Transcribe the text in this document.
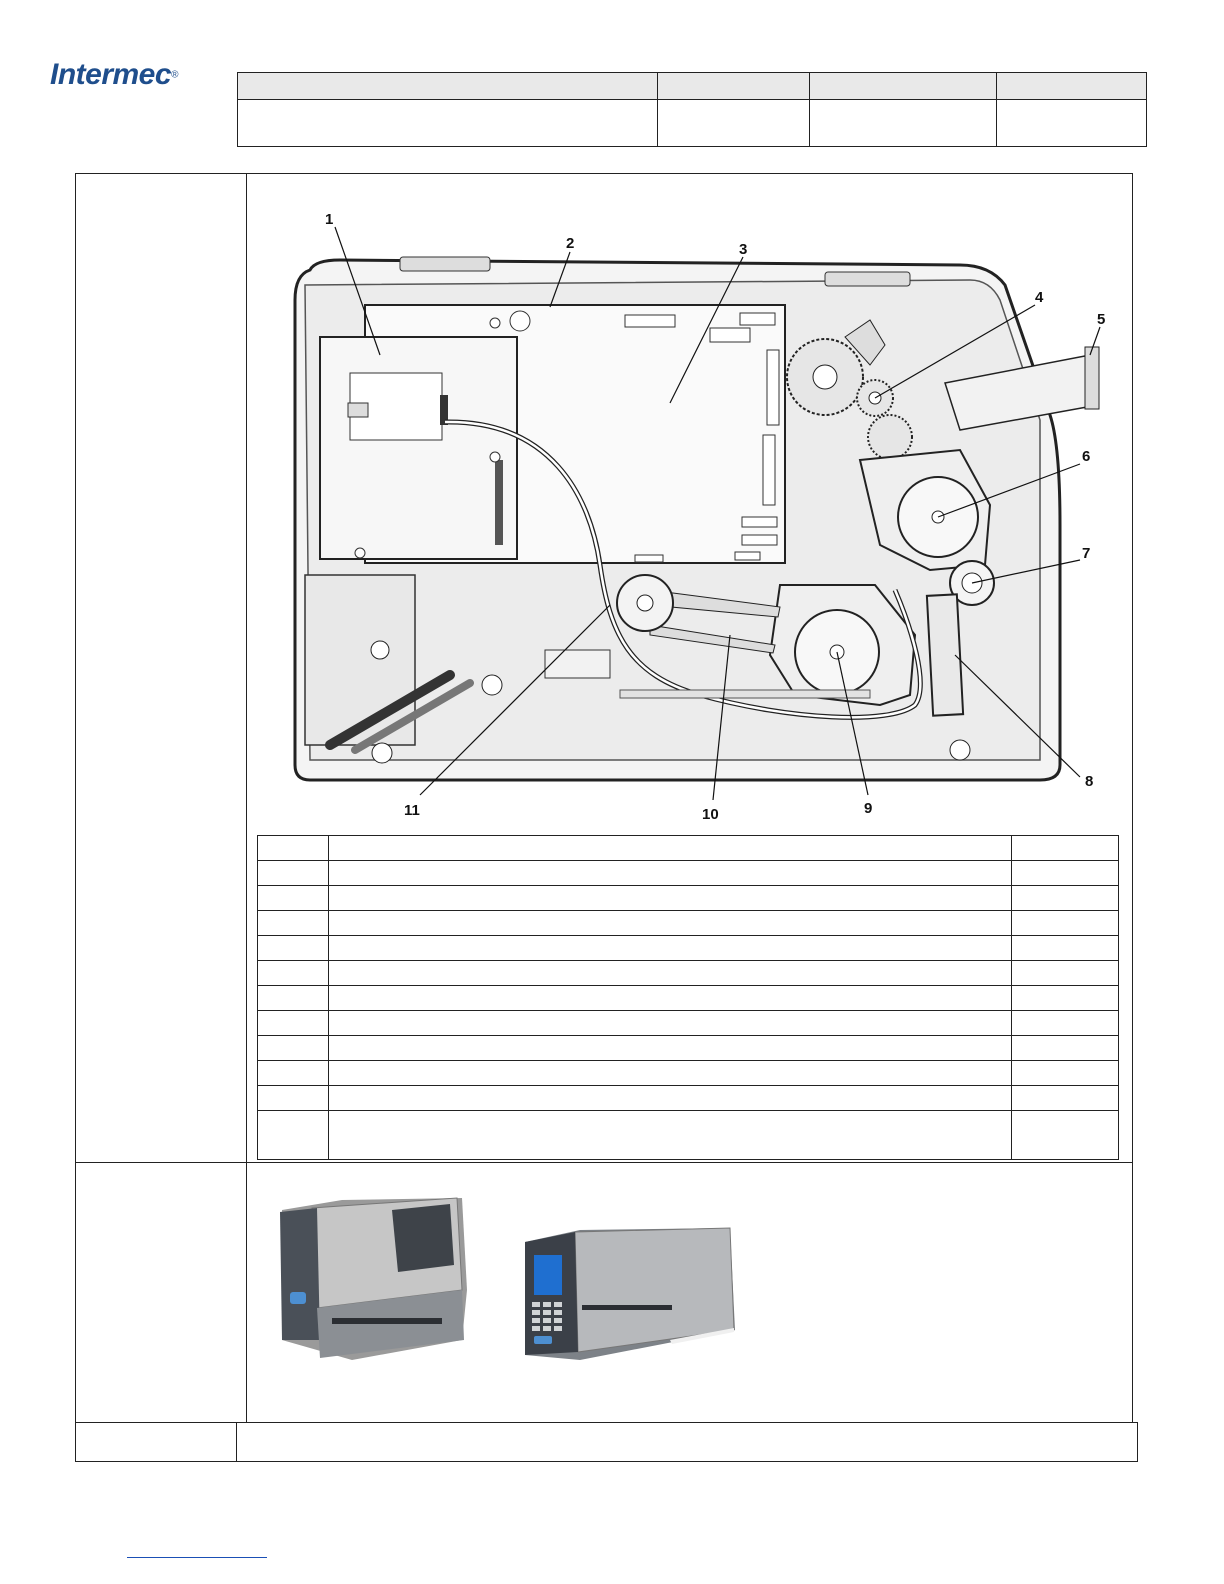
Intermec®

1
2	3
4
5
6
7
8
9
10
11
